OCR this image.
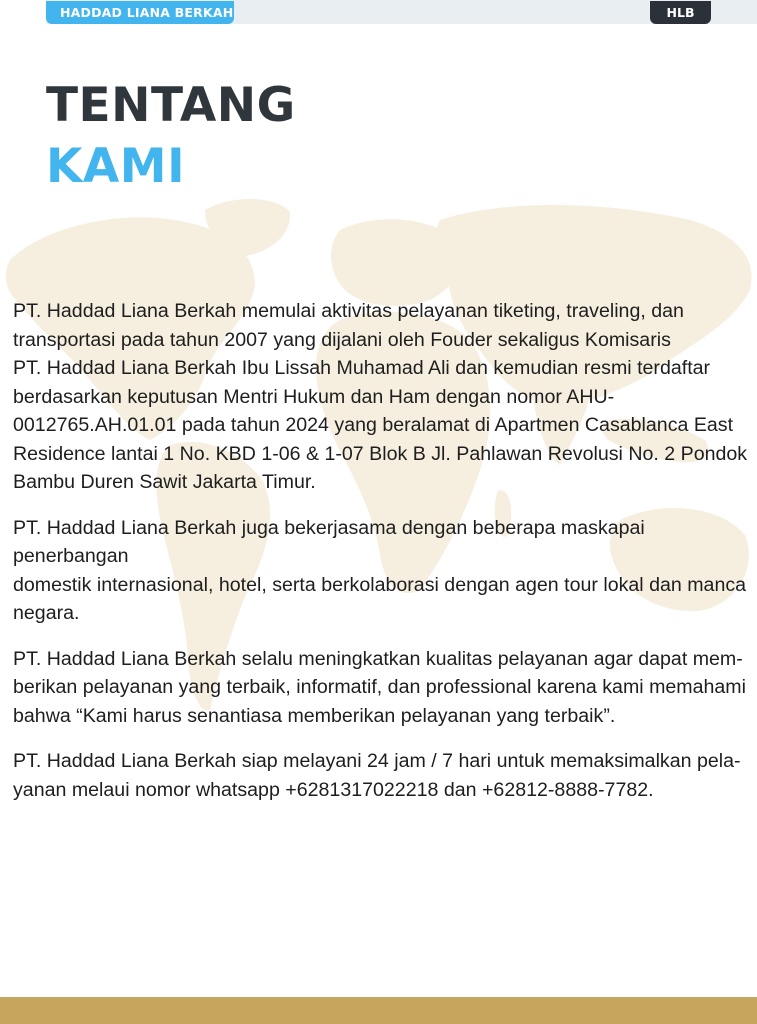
HADDAD LIANA BERKAH	HLB
TENTANG
KAMI

PT. Haddad Liana Berkah memulai aktivitas pelayanan tiketing, traveling, dan
transportasi pada tahun 2007 yang dijalani oleh Fouder sekaligus Komisaris
PT. Haddad Liana Berkah Ibu Lissah Muhamad Ali dan kemudian resmi terdaftar
berdasarkan keputusan Mentri Hukum dan Ham dengan nomor AHU-
0012765.AH.01.01 pada tahun 2024 yang beralamat di Apartmen Casablanca East
Residence lantai 1 No. KBD 1-06 & 1-07 Blok B Jl. Pahlawan Revolusi No. 2 Pondok
Bambu Duren Sawit Jakarta Timur.

PT. Haddad Liana Berkah juga bekerjasama dengan beberapa maskapai penerbangan
domestik internasional, hotel, serta berkolaborasi dengan agen tour lokal dan manca
negara.

PT. Haddad Liana Berkah selalu meningkatkan kualitas pelayanan agar dapat mem-
berikan pelayanan yang terbaik, informatif, dan professional karena kami memahami
bahwa “Kami harus senantiasa memberikan pelayanan yang terbaik”.

PT. Haddad Liana Berkah siap melayani 24 jam / 7 hari untuk memaksimalkan pela-
yanan melaui nomor whatsapp +6281317022218 dan +62812-8888-7782.
